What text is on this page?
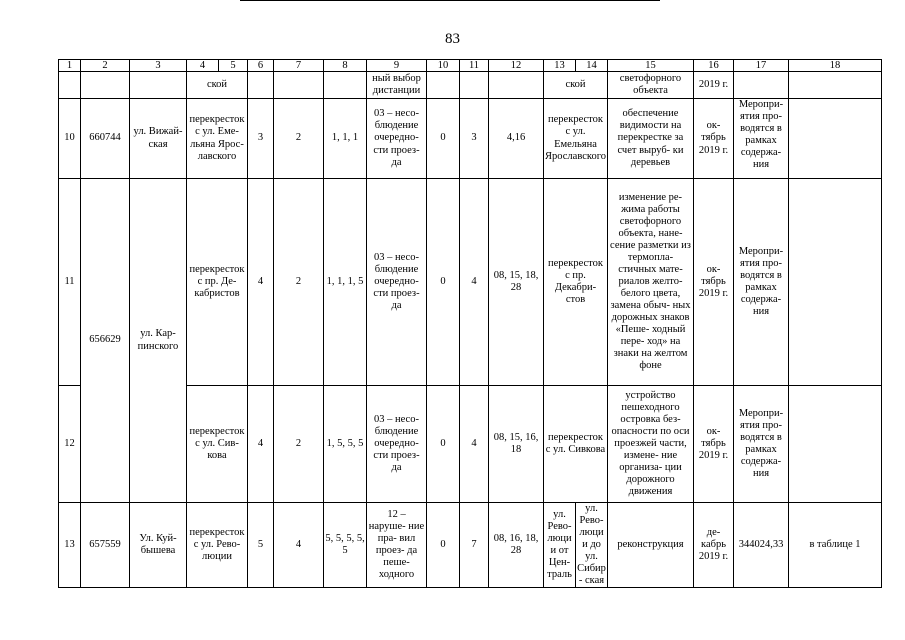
83
1	2	3	4	5	6	7	8	9	10	11	12	13	14	15	16	17	18
			ской					ный выбор дистанции				ской		светофорного объекта	2019 г.		
10	660744	ул. Вижай- ская	перекресток с ул. Еме- льяна Ярос- лавского		3	2	1, 1, 1	03 – несо- блюдение очередно- сти проез- да	0	3	4,16	перекресток с ул. Емельяна Ярославского		обеспечение видимости на перекрестке за счет выруб- ки деревьев	ок- тябрь 2019 г.	Меропри- ятия про- водятся в рамках содержа- ния	
11	656629	ул. Кар- пинского	перекресток с пр. Де- кабристов		4	2	1, 1, 1, 5	03 – несо- блюдение очередно- сти проез- да	0	4	08, 15, 18, 28	перекресток с пр. Декабри- стов		изменение ре- жима работы светофорного объекта, нане- сение разметки из термопла- стичных мате- риалов желто- белого цвета, замена обыч- ных дорожных знаков «Пеше- ходный пере- ход» на знаки на желтом фоне	ок- тябрь 2019 г.	Меропри- ятия про- водятся в рамках содержа- ния	
12			перекресток с ул. Сив- кова		4	2	1, 5, 5, 5	03 – несо- блюдение очередно- сти проез- да	0	4	08, 15, 16, 18	перекресток с ул. Сивкова		устройство пешеходного островка без- опасности по оси проезжей части, измене- ние организа- ции дорожного движения	ок- тябрь 2019 г.	Меропри- ятия про- водятся в рамках содержа- ния	
13	657559	Ул. Куй- бышева	перекресток с ул. Рево- люции		5	4	5, 5, 5, 5, 5	12 – наруше- ние пра- вил проез- да пеше- ходного	0	7	08, 16, 18, 28	ул. Рево- люции от Цен- траль	ул. Рево- люции до ул. Сибир- ская	реконструкция	де- кабрь 2019 г.	344024,33	в таблице 1
